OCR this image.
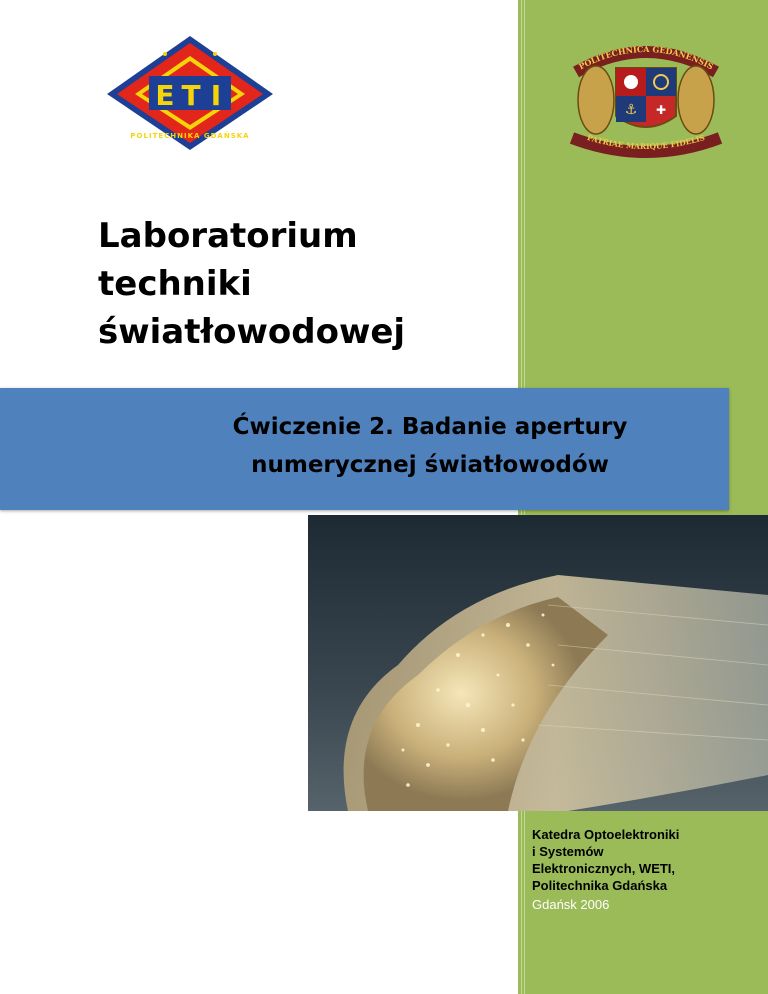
E T I
POLITECHNIKA GDAŃSKA
POLITECHNICA GEDANENSIS
⚓ ✚
PATRIAE MARIQUE FIDELIS
Laboratorium
techniki
światłowodowej
Ćwiczenie 2. Badanie apertury
numerycznej światłowodów
Katedra Optoelektroniki
i Systemów
Elektronicznych, WETI,
Politechnika Gdańska
Gdańsk 2006
